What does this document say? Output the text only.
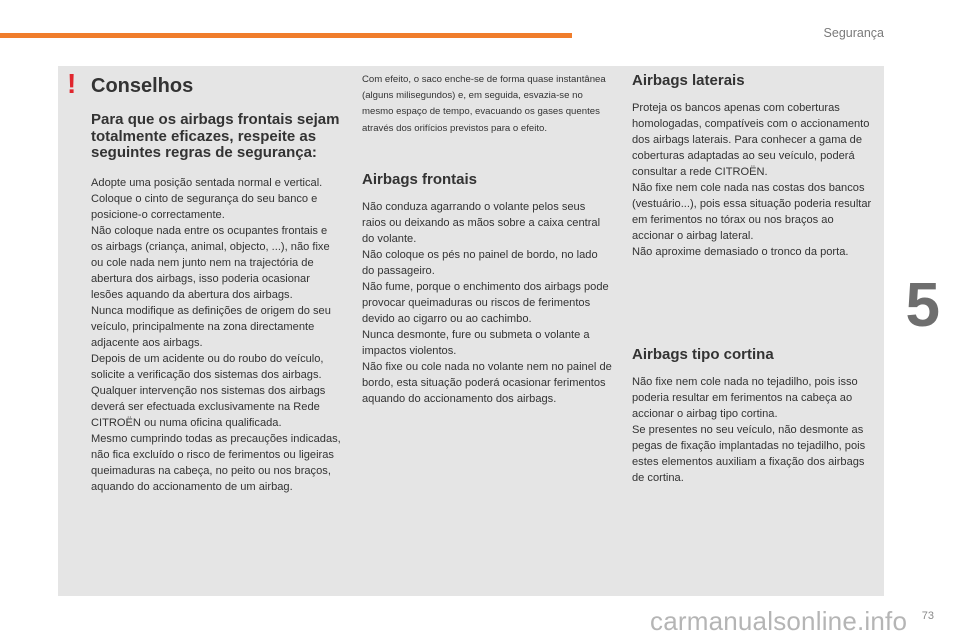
Segurança
5
! Conselhos
Para que os airbags frontais sejam totalmente eficazes, respeite as seguintes regras de segurança:

Adopte uma posição sentada normal e vertical.
Coloque o cinto de segurança do seu banco e posicione-o correctamente.
Não coloque nada entre os ocupantes frontais e os airbags (criança, animal, objecto, ...), não fixe ou cole nada nem junto nem na trajectória de abertura dos airbags, isso poderia ocasionar lesões aquando da abertura dos airbags.
Nunca modifique as definições de origem do seu veículo, principalmente na zona directamente adjacente aos airbags.
Depois de um acidente ou do roubo do veículo, solicite a verificação dos sistemas dos airbags.
Qualquer intervenção nos sistemas dos airbags deverá ser efectuada exclusivamente na Rede CITROËN ou numa oficina qualificada.
Mesmo cumprindo todas as precauções indicadas, não fica excluído o risco de ferimentos ou ligeiras queimaduras na cabeça, no peito ou nos braços, aquando do accionamento de um airbag.

Com efeito, o saco enche-se de forma quase instantânea (alguns milisegundos) e, em seguida, esvazia-se no mesmo espaço de tempo, evacuando os gases quentes através dos orifícios previstos para o efeito.

Airbags frontais

Não conduza agarrando o volante pelos seus raios ou deixando as mãos sobre a caixa central do volante.
Não coloque os pés no painel de bordo, no lado do passageiro.
Não fume, porque o enchimento dos airbags pode provocar queimaduras ou riscos de ferimentos devido ao cigarro ou ao cachimbo.
Nunca desmonte, fure ou submeta o volante a impactos violentos.
Não fixe ou cole nada no volante nem no painel de bordo, esta situação poderá ocasionar ferimentos aquando do accionamento dos airbags.

Airbags laterais

Proteja os bancos apenas com coberturas homologadas, compatíveis com o accionamento dos airbags laterais. Para conhecer a gama de coberturas adaptadas ao seu veículo, poderá consultar a rede CITROËN.
Não fixe nem cole nada nas costas dos bancos (vestuário...), pois essa situação poderia resultar em ferimentos no tórax ou nos braços ao accionar o airbag lateral.
Não aproxime demasiado o tronco da porta.

Airbags tipo cortina

Não fixe nem cole nada no tejadilho, pois isso poderia resultar em ferimentos na cabeça ao accionar o airbag tipo cortina.
Se presentes no seu veículo, não desmonte as pegas de fixação implantadas no tejadilho, pois estes elementos auxiliam a fixação dos airbags de cortina.

carmanualsonline.info 73
